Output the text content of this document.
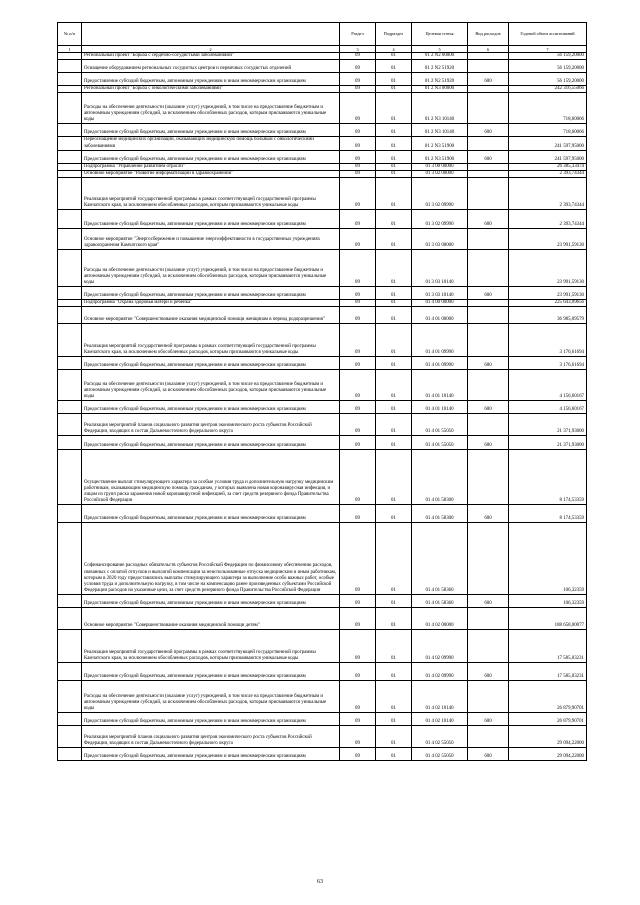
№ п/п		Раздел	Подраздел	Целевая статья	Вид расходов	Годовой объем ассигнований
1	2	3	4	5	6	7
	Региональный проект "Борьба с сердечно-сосудистыми заболеваниями"	09	01	01 2 N2 00000		56 159,20000
	Оснащение оборудованием региональных сосудистых центров и первичных сосудистых отделений	09	01	01 2 N2 51920		56 159,20000
	Предоставление субсидий бюджетным, автономным учреждениям и иным некоммерческим организациям	09	01	01 2 N2 51920	600	56 159,20000
	Региональный проект "Борьба с онкологическими заболеваниями"	09	01	01 2 N3 00000		242 316,55066
	Расходы на обеспечение деятельности (оказание услуг) учреждений, в том числе на предоставление бюджетным и автономным учреждениям субсидий, за исключением обособленных расходов, которым присваиваются уникальные коды	09	01	01 2 N3 10140		718,60066
	Предоставление субсидий бюджетным, автономным учреждениям и иным некоммерческим организациям	09	01	01 2 N3 10140	600	718,60066
	Переоснащение медицинских организаций, оказывающих медицинскую помощь больным с онкологическими заболеваниями	09	01	01 2 N3 51900		241 597,95000
	Предоставление субсидий бюджетным, автономным учреждениям и иным некоммерческим организациям	09	01	01 2 N3 51900	600	241 597,95000
	Подпрограмма "Управление развитием отрасли"	09	01	01 3 00 00000		26 385,33474
	Основное мероприятие "Развитие информатизации в здравоохранении"	09	01	01 3 02 00000		2 393,74344
	Реализация мероприятий государственной программы в рамках соответствующей государственной программы Камчатского края, за исключением обособленных расходов, которым присваиваются уникальные коды	09	01	01 3 02 09990		2 393,74344
	Предоставление субсидий бюджетным, автономным учреждениям и иным некоммерческим организациям	09	01	01 3 02 09990	600	2 393,74344
	Основное мероприятие "Энергосбережение и повышение энергоэффективности в государственных учреждениях здравоохранения Камчатского края"	09	01	01 3 03 00000		23 991,59130
	Расходы на обеспечение деятельности (оказание услуг) учреждений, в том числе на предоставление бюджетным и автономным учреждениям субсидий, за исключением обособленных расходов, которым присваиваются уникальные коды	09	01	01 3 03 10140		23 991,59130
	Предоставление субсидий бюджетным, автономным учреждениям и иным некоммерческим организациям	09	01	01 3 03 10140	600	23 991,59130
	Подпрограмма "Охрана здоровья матери и ребенка"	09	01	01 4 00 00000		225 643,09656
	Основное мероприятие "Совершенствование оказания медицинской помощи женщинам в период родоразрешения"	09	01	01 4 01 00000		36 985,09579
	Реализация мероприятий государственной программы в рамках соответствующей государственной программы Камчатского края, за исключением обособленных расходов, которым присваиваются уникальные коды	09	01	01 4 01 09990		3 176,61694
	Предоставление субсидий бюджетным, автономным учреждениям и иным некоммерческим организациям	09	01	01 4 01 09990	600	3 176,61694
	Расходы на обеспечение деятельности (оказание услуг) учреждений, в том числе на предоставление бюджетным и автономным учреждениям субсидий, за исключением обособленных расходов, которым присваиваются уникальные коды	09	01	01 4 01 10140		4 156,60167
	Предоставление субсидий бюджетным, автономным учреждениям и иным некоммерческим организациям	09	01	01 4 01 10140	600	4 156,60167
	Реализация мероприятий планов социального развития центров экономического роста субъектов Российской Федерации, входящих в состав Дальневосточного федерального округа	09	01	01 4 01 55050		21 371,93000
	Предоставление субсидий бюджетным, автономным учреждениям и иным некоммерческим организациям	09	01	01 4 01 55050	600	21 371,93000
	Осуществление выплат стимулирующего характера за особые условия труда и дополнительную нагрузку медицинским работникам, оказывающим медицинскую помощь гражданам, у которых выявлена новая коронавирусная инфекция, и лицам из групп риска заражения новой коронавирусной инфекцией, за счет средств резервного фонда Правительства Российской Федерации	09	01	01 4 01 58300		8 174,53359
	Предоставление субсидий бюджетным, автономным учреждениям и иным некоммерческим организациям	09	01	01 4 01 58300	600	8 174,53359
	Софинансирование расходных обязательств субъектов Российской Федерации по финансовому обеспечению расходов, связанных с оплатой отпусков и выплатой компенсации за неиспользованные отпуска медицинским и иным работникам, которым в 2020 году предоставлялись выплаты стимулирующего характера за выполнение особо важных работ, особые условия труда и дополнительную нагрузку, в том числе на компенсацию ранее произведенных субъектами Российской Федерации расходов на указанные цели, за счет средств резервного фонда Правительства Российской Федерации	09	01	01 4 01 58360		106,32359
	Предоставление субсидий бюджетным, автономным учреждениям и иным некоммерческим организациям	09	01	01 4 01 58360	600	106,32359
	Основное мероприятие "Совершенствование оказания медицинской помощи детям"	09	01	01 4 02 00000		188 658,00077
	Реализация мероприятий государственной программы в рамках соответствующей государственной программы Камчатского края, за исключением обособленных расходов, которым присваиваются уникальные коды	09	01	01 4 02 09990		17 585,03231
	Предоставление субсидий бюджетным, автономным учреждениям и иным некоммерческим организациям	09	01	01 4 02 09990	600	17 585,03231
	Расходы на обеспечение деятельности (оказание услуг) учреждений, в том числе на предоставление бюджетным и автономным учреждениям субсидий, за исключением обособленных расходов, которым присваиваются уникальные коды	09	01	01 4 02 10140		26 879,90701
	Предоставление субсидий бюджетным, автономным учреждениям и иным некоммерческим организациям	09	01	01 4 02 10140	600	26 879,90701
	Реализация мероприятий планов социального развития центров экономического роста субъектов Российской Федерации, входящих в состав Дальневосточного федерального округа	09	01	01 4 02 55050		29 094,22000
	Предоставление субсидий бюджетным, автономным учреждениям и иным некоммерческим организациям	09	01	01 4 02 55050	600	29 094,22000
63
